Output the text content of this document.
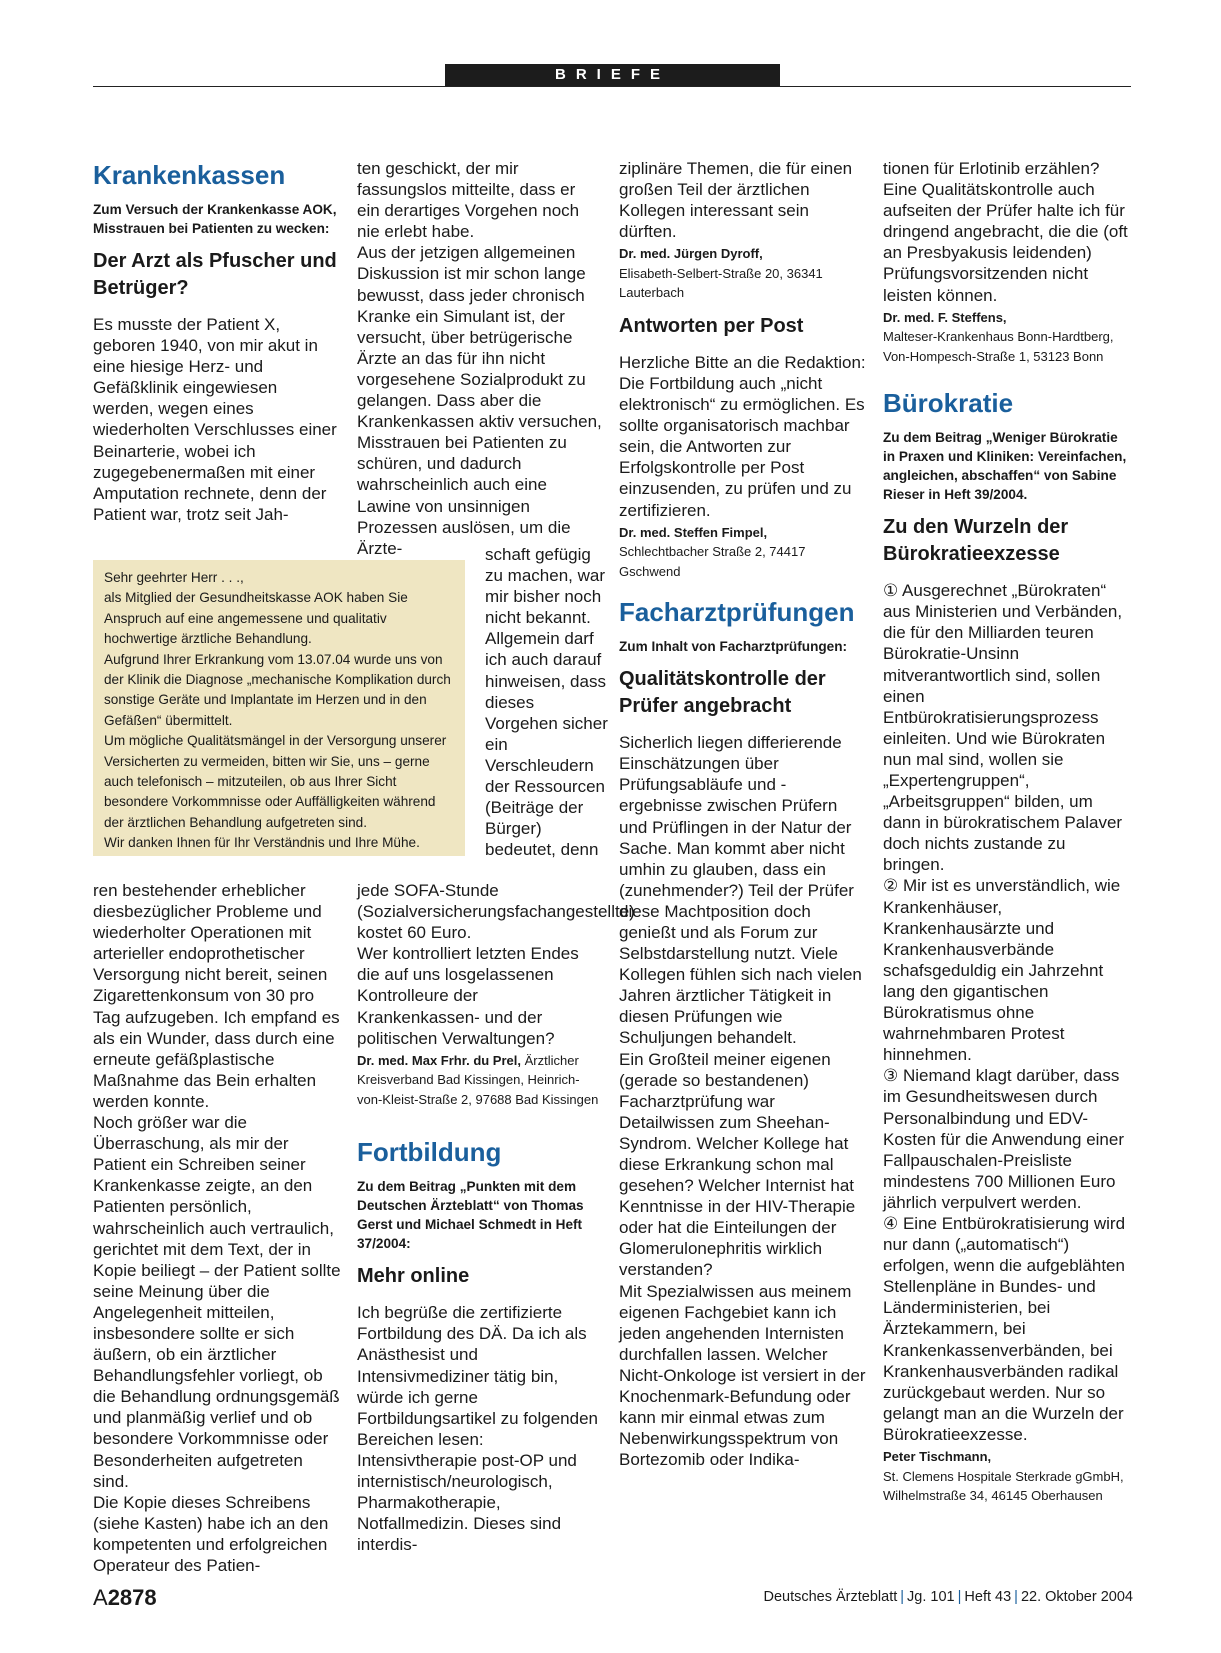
BRIEFE
Krankenkassen
Zum Versuch der Krankenkasse AOK, Misstrauen bei Patienten zu wecken:
Der Arzt als Pfuscher und Betrüger?

Es musste der Patient X, geboren 1940, von mir akut in eine hiesige Herz- und Gefäßklinik eingewiesen werden, wegen eines wiederholten Verschlusses einer Beinarterie, wobei ich zugegebenermaßen mit einer Amputation rechnete, denn der Patient war, trotz seit Jah-

Sehr geehrter Herr . . .,

als Mitglied der Gesundheitskasse AOK haben Sie Anspruch auf eine angemessene und qualitativ hochwertige ärztliche Behandlung.

Aufgrund Ihrer Erkrankung vom 13.07.04 wurde uns von der Klinik die Diagnose „mechanische Komplikation durch sonstige Geräte und Implantate im Herzen und in den Gefäßen“ übermittelt.

Um mögliche Qualitätsmängel in der Versorgung unserer Versicherten zu vermeiden, bitten wir Sie, uns – gerne auch telefonisch – mitzuteilen, ob aus Ihrer Sicht besondere Vorkommnisse oder Auffälligkeiten während der ärztlichen Behandlung aufgetreten sind.

Wir danken Ihnen für Ihr Verständnis und Ihre Mühe.

ren bestehender erheblicher diesbezüglicher Probleme und wiederholter Operationen mit arterieller endoprothetischer Versorgung nicht bereit, seinen Zigarettenkonsum von 30 pro Tag aufzugeben. Ich empfand es als ein Wunder, dass durch eine erneute gefäßplastische Maßnahme das Bein erhalten werden konnte.

Noch größer war die Überraschung, als mir der Patient ein Schreiben seiner Krankenkasse zeigte, an den Patienten persönlich, wahrscheinlich auch vertraulich, gerichtet mit dem Text, der in Kopie beiliegt – der Patient sollte seine Meinung über die Angelegenheit mitteilen, insbesondere sollte er sich äußern, ob ein ärztlicher Behandlungsfehler vorliegt, ob die Behandlung ordnungsgemäß und planmäßig verlief und ob besondere Vorkommnisse oder Besonderheiten aufgetreten sind.

Die Kopie dieses Schreibens (siehe Kasten) habe ich an den kompetenten und erfolgreichen Operateur des Patien-

ten geschickt, der mir fassungslos mitteilte, dass er ein derartiges Vorgehen noch nie erlebt habe.

Aus der jetzigen allgemeinen Diskussion ist mir schon lange bewusst, dass jeder chronisch Kranke ein Simulant ist, der versucht, über betrügerische Ärzte an das für ihn nicht vorgesehene Sozialprodukt zu gelangen. Dass aber die Krankenkassen aktiv versuchen, Misstrauen bei Patienten zu schüren, und dadurch wahrscheinlich auch eine Lawine von unsinnigen Prozessen auslösen, um die Ärzte-	schaft gefügig zu machen, war mir bisher noch nicht bekannt. Allgemein darf ich auch darauf hinweisen, dass dieses Vorgehen sicher ein Verschleudern der Ressourcen (Beiträge der Bürger) bedeutet, denn

jede SOFA-Stunde (Sozialversicherungsfachangestellte) kostet 60 Euro.

Wer kontrolliert letzten Endes die auf uns losgelassenen Kontrolleure der Krankenkassen- und der politischen Verwaltungen?

Dr. med. Max Frhr. du Prel, Ärztlicher Kreisverband Bad Kissingen, Heinrich-von-Kleist-Straße 2, 97688 Bad Kissingen

Fortbildung
Zu dem Beitrag „Punkten mit dem Deutschen Ärzteblatt“ von Thomas Gerst und Michael Schmedt in Heft 37/2004:
Mehr online

Ich begrüße die zertifizierte Fortbildung des DÄ. Da ich als Anästhesist und Intensivmediziner tätig bin, würde ich gerne Fortbildungsartikel zu folgenden Bereichen lesen: Intensivtherapie post-OP und internistisch/neurologisch, Pharmakotherapie, Notfallmedizin. Dieses sind interdis-

ziplinäre Themen, die für einen großen Teil der ärztlichen Kollegen interessant sein dürften.

Dr. med. Jürgen Dyroff,
Elisabeth-Selbert-Straße 20, 36341 Lauterbach

Antworten per Post

Herzliche Bitte an die Redaktion: Die Fortbildung auch „nicht elektronisch“ zu ermöglichen. Es sollte organisatorisch machbar sein, die Antworten zur Erfolgskontrolle per Post einzusenden, zu prüfen und zu zertifizieren.

Dr. med. Steffen Fimpel,
Schlechtbacher Straße 2, 74417 Gschwend

Facharztprüfungen
Zum Inhalt von Facharztprüfungen:
Qualitätskontrolle der Prüfer angebracht

Sicherlich liegen differierende Einschätzungen über Prüfungsabläufe und -ergebnisse zwischen Prüfern und Prüflingen in der Natur der Sache. Man kommt aber nicht umhin zu glauben, dass ein (zunehmender?) Teil der Prüfer diese Machtposition doch genießt und als Forum zur Selbstdarstellung nutzt. Viele Kollegen fühlen sich nach vielen Jahren ärztlicher Tätigkeit in diesen Prüfungen wie Schuljungen behandelt.

Ein Großteil meiner eigenen (gerade so bestandenen) Facharztprüfung war Detailwissen zum Sheehan-Syndrom. Welcher Kollege hat diese Erkrankung schon mal gesehen? Welcher Internist hat Kenntnisse in der HIV-Therapie oder hat die Einteilungen der Glomerulonephritis wirklich verstanden?

Mit Spezialwissen aus meinem eigenen Fachgebiet kann ich jeden angehenden Internisten durchfallen lassen. Welcher Nicht-Onkologe ist versiert in der Knochenmark-Befundung oder kann mir einmal etwas zum Nebenwirkungsspektrum von Bortezomib oder Indika-

tionen für Erlotinib erzählen? Eine Qualitätskontrolle auch aufseiten der Prüfer halte ich für dringend angebracht, die die (oft an Presbyakusis leidenden) Prüfungsvorsitzenden nicht leisten können.

Dr. med. F. Steffens,
Malteser-Krankenhaus Bonn-Hardtberg, Von-Hompesch-Straße 1, 53123 Bonn

Bürokratie
Zu dem Beitrag „Weniger Bürokratie in Praxen und Kliniken: Vereinfachen, angleichen, abschaffen“ von Sabine Rieser in Heft 39/2004.
Zu den Wurzeln der Bürokratieexzesse

① Ausgerechnet „Bürokraten“ aus Ministerien und Verbänden, die für den Milliarden teuren Bürokratie-Unsinn mitverantwortlich sind, sollen einen Entbürokratisierungsprozess einleiten. Und wie Bürokraten nun mal sind, wollen sie „Expertengruppen“, „Arbeitsgruppen“ bilden, um dann in bürokratischem Palaver doch nichts zustande zu bringen.

② Mir ist es unverständlich, wie Krankenhäuser, Krankenhausärzte und Krankenhausverbände schafsgeduldig ein Jahrzehnt lang den gigantischen Bürokratismus ohne wahrnehmbaren Protest hinnehmen.

③ Niemand klagt darüber, dass im Gesundheitswesen durch Personalbindung und EDV-Kosten für die Anwendung einer Fallpauschalen-Preisliste mindestens 700 Millionen Euro jährlich verpulvert werden.

④ Eine Entbürokratisierung wird nur dann („automatisch“) erfolgen, wenn die aufgeblähten Stellenpläne in Bundes- und Länderministerien, bei Ärztekammern, bei Krankenkassenverbänden, bei Krankenhausverbänden radikal zurückgebaut werden. Nur so gelangt man an die Wurzeln der Bürokratieexzesse.

Peter Tischmann,
St. Clemens Hospitale Sterkrade gGmbH, Wilhelmstraße 34, 46145 Oberhausen

A2878	Deutsches Ärzteblatt | Jg. 101 | Heft 43 | 22. Oktober 2004
